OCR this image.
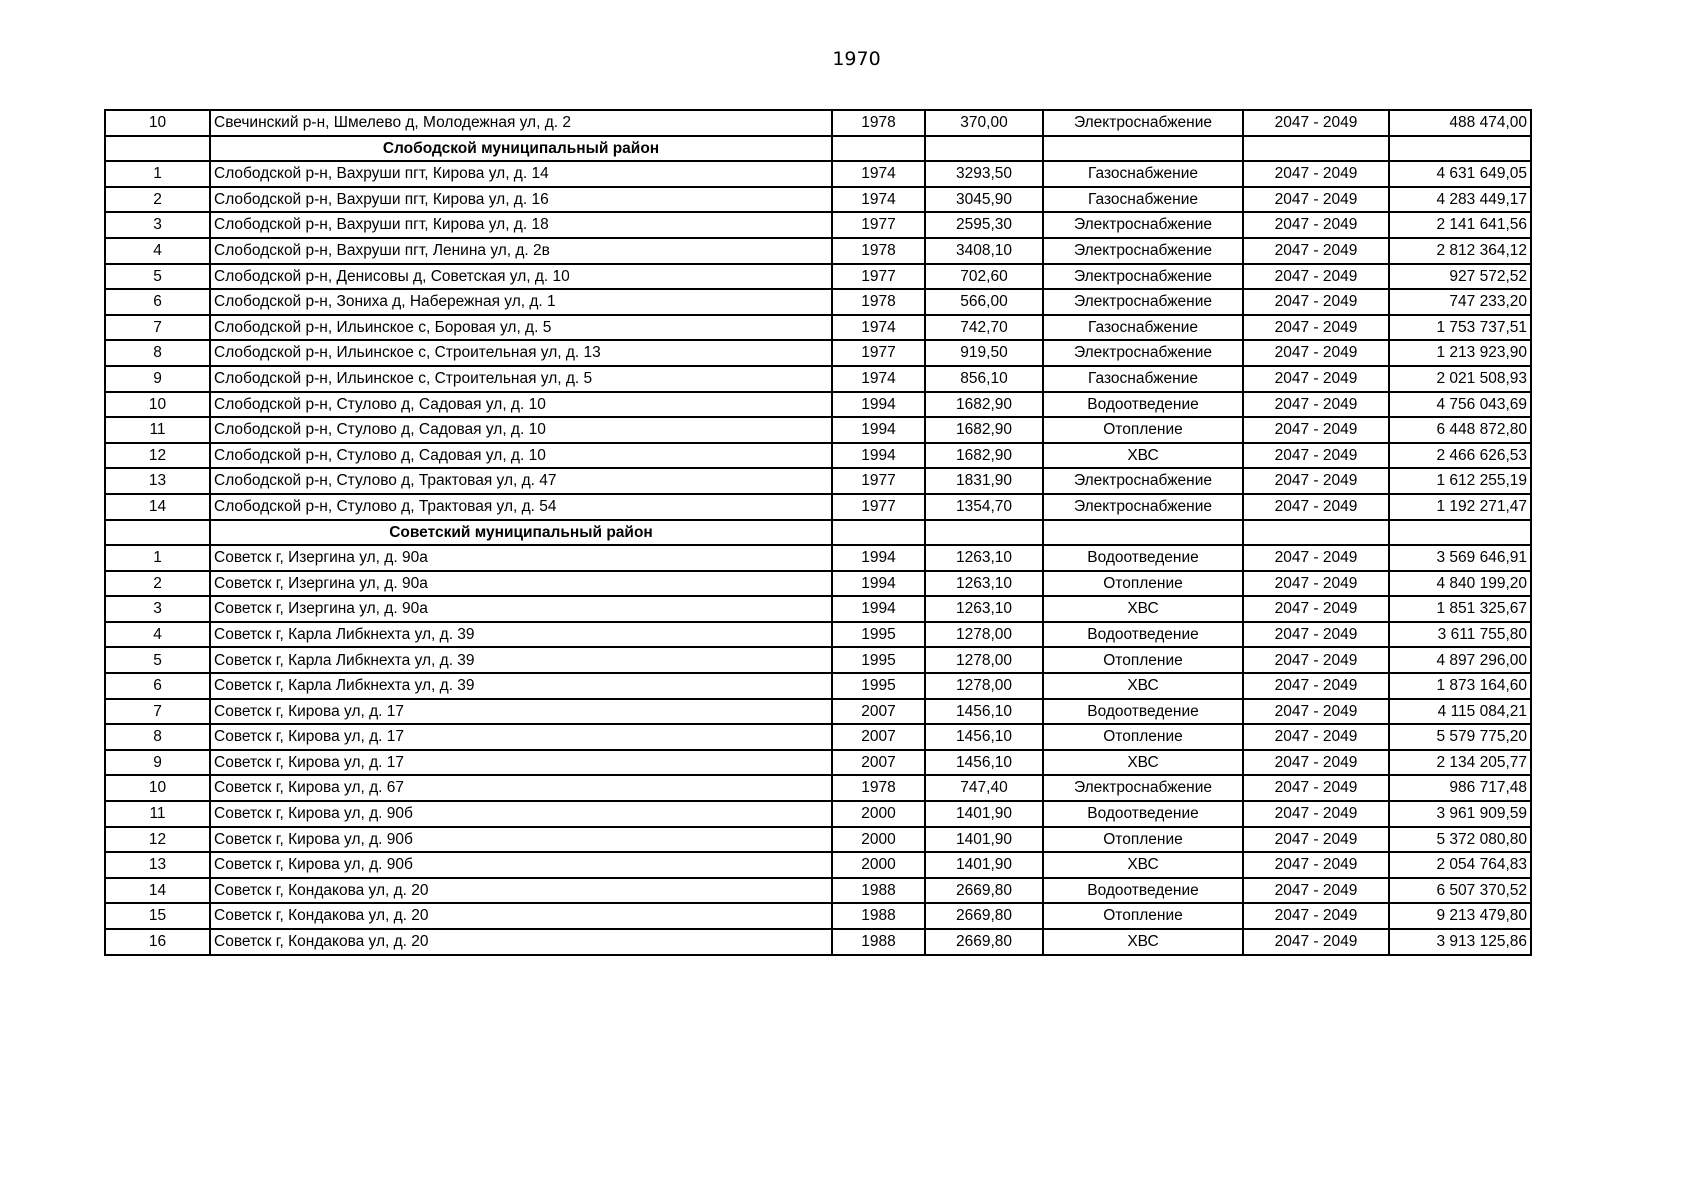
1970
10	Свечинский р-н, Шмелево д, Молодежная ул, д. 2	1978	370,00	Электроснабжение	2047 - 2049	488 474,00
	Слободской муниципальный район					
1	Слободской р-н, Вахруши пгт, Кирова ул, д. 14	1974	3293,50	Газоснабжение	2047 - 2049	4 631 649,05
2	Слободской р-н, Вахруши пгт, Кирова ул, д. 16	1974	3045,90	Газоснабжение	2047 - 2049	4 283 449,17
3	Слободской р-н, Вахруши пгт, Кирова ул, д. 18	1977	2595,30	Электроснабжение	2047 - 2049	2 141 641,56
4	Слободской р-н, Вахруши пгт, Ленина ул, д. 2в	1978	3408,10	Электроснабжение	2047 - 2049	2 812 364,12
5	Слободской р-н, Денисовы д, Советская ул, д. 10	1977	702,60	Электроснабжение	2047 - 2049	927 572,52
6	Слободской р-н, Зониха д, Набережная ул, д. 1	1978	566,00	Электроснабжение	2047 - 2049	747 233,20
7	Слободской р-н, Ильинское с, Боровая ул, д. 5	1974	742,70	Газоснабжение	2047 - 2049	1 753 737,51
8	Слободской р-н, Ильинское с, Строительная ул, д. 13	1977	919,50	Электроснабжение	2047 - 2049	1 213 923,90
9	Слободской р-н, Ильинское с, Строительная ул, д. 5	1974	856,10	Газоснабжение	2047 - 2049	2 021 508,93
10	Слободской р-н, Стулово д, Садовая ул, д. 10	1994	1682,90	Водоотведение	2047 - 2049	4 756 043,69
11	Слободской р-н, Стулово д, Садовая ул, д. 10	1994	1682,90	Отопление	2047 - 2049	6 448 872,80
12	Слободской р-н, Стулово д, Садовая ул, д. 10	1994	1682,90	ХВС	2047 - 2049	2 466 626,53
13	Слободской р-н, Стулово д, Трактовая ул, д. 47	1977	1831,90	Электроснабжение	2047 - 2049	1 612 255,19
14	Слободской р-н, Стулово д, Трактовая ул, д. 54	1977	1354,70	Электроснабжение	2047 - 2049	1 192 271,47
	Советский муниципальный район					
1	Советск г, Изергина ул, д. 90а	1994	1263,10	Водоотведение	2047 - 2049	3 569 646,91
2	Советск г, Изергина ул, д. 90а	1994	1263,10	Отопление	2047 - 2049	4 840 199,20
3	Советск г, Изергина ул, д. 90а	1994	1263,10	ХВС	2047 - 2049	1 851 325,67
4	Советск г, Карла Либкнехта ул, д. 39	1995	1278,00	Водоотведение	2047 - 2049	3 611 755,80
5	Советск г, Карла Либкнехта ул, д. 39	1995	1278,00	Отопление	2047 - 2049	4 897 296,00
6	Советск г, Карла Либкнехта ул, д. 39	1995	1278,00	ХВС	2047 - 2049	1 873 164,60
7	Советск г, Кирова ул, д. 17	2007	1456,10	Водоотведение	2047 - 2049	4 115 084,21
8	Советск г, Кирова ул, д. 17	2007	1456,10	Отопление	2047 - 2049	5 579 775,20
9	Советск г, Кирова ул, д. 17	2007	1456,10	ХВС	2047 - 2049	2 134 205,77
10	Советск г, Кирова ул, д. 67	1978	747,40	Электроснабжение	2047 - 2049	986 717,48
11	Советск г, Кирова ул, д. 90б	2000	1401,90	Водоотведение	2047 - 2049	3 961 909,59
12	Советск г, Кирова ул, д. 90б	2000	1401,90	Отопление	2047 - 2049	5 372 080,80
13	Советск г, Кирова ул, д. 90б	2000	1401,90	ХВС	2047 - 2049	2 054 764,83
14	Советск г, Кондакова ул, д. 20	1988	2669,80	Водоотведение	2047 - 2049	6 507 370,52
15	Советск г, Кондакова ул, д. 20	1988	2669,80	Отопление	2047 - 2049	9 213 479,80
16	Советск г, Кондакова ул, д. 20	1988	2669,80	ХВС	2047 - 2049	3 913 125,86
